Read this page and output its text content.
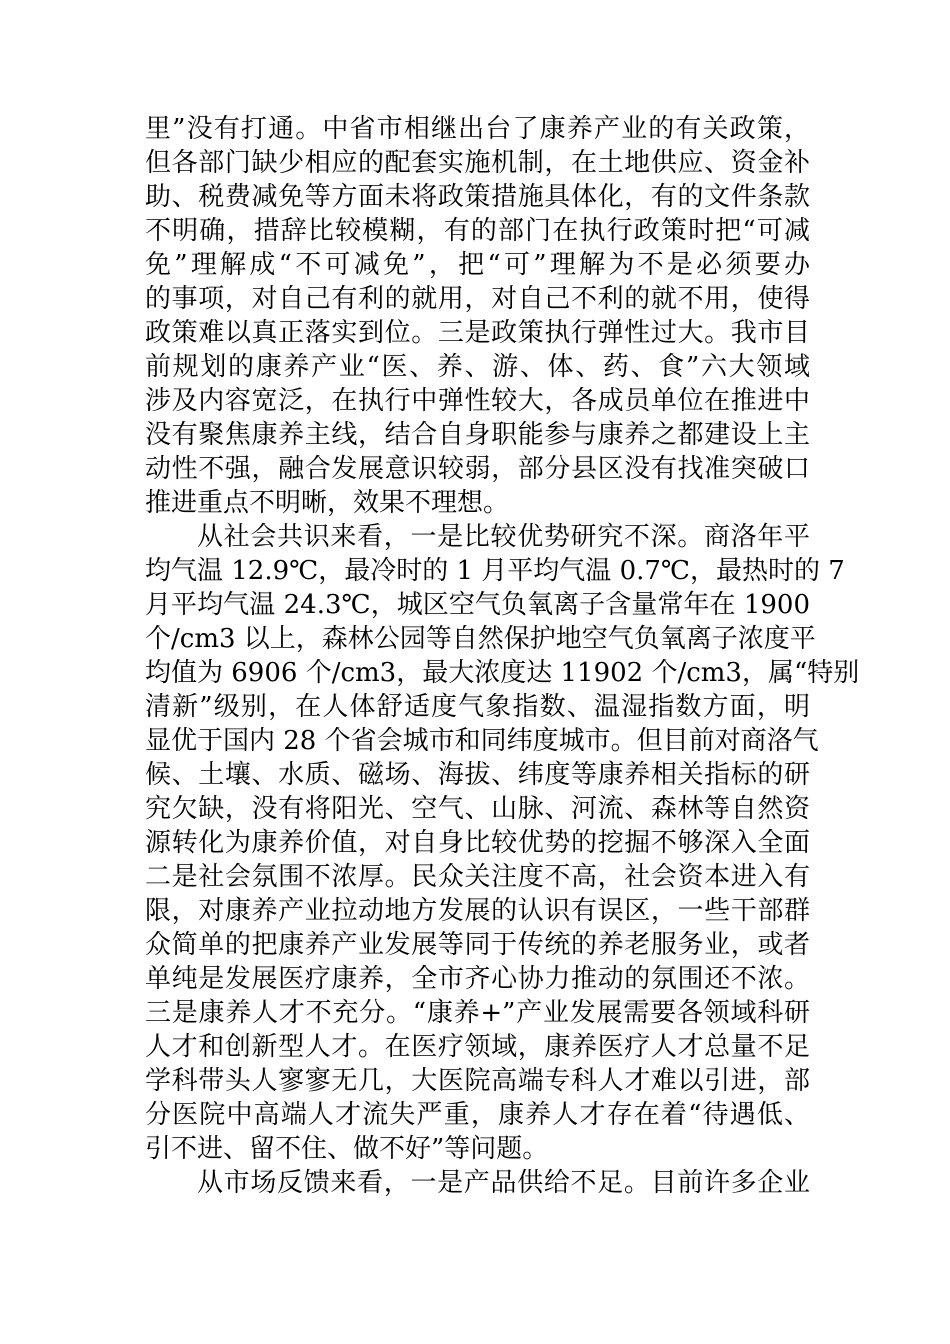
里”没有打通。中省市相继出台了康养产业的有关政策，
但各部门缺少相应的配套实施机制，在土地供应、资金补
助、税费减免等方面未将政策措施具体化，有的文件条款
不明确，措辞比较模糊，有的部门在执行政策时把“可减
免”理解成“不可减免”，把“可”理解为不是必须要办
的事项，对自己有利的就用，对自己不利的就不用，使得
政策难以真正落实到位。三是政策执行弹性过大。我市目
前规划的康养产业“医、养、游、体、药、食”六大领域
涉及内容宽泛，在执行中弹性较大，各成员单位在推进中
没有聚焦康养主线，结合自身职能参与康养之都建设上主
动性不强，融合发展意识较弱，部分县区没有找准突破口
推进重点不明晰，效果不理想。
从社会共识来看，一是比较优势研究不深。商洛年平
均气温 12.9℃，最冷时的 1 月平均气温 0.7℃，最热时的 7
月平均气温 24.3℃，城区空气负氧离子含量常年在 1900
个/cm3 以上，森林公园等自然保护地空气负氧离子浓度平
均值为 6906 个/cm3，最大浓度达 11902 个/cm3，属“特别
清新”级别，在人体舒适度气象指数、温湿指数方面，明
显优于国内 28 个省会城市和同纬度城市。但目前对商洛气
候、土壤、水质、磁场、海拔、纬度等康养相关指标的研
究欠缺，没有将阳光、空气、山脉、河流、森林等自然资
源转化为康养价值，对自身比较优势的挖掘不够深入全面
二是社会氛围不浓厚。民众关注度不高，社会资本进入有
限，对康养产业拉动地方发展的认识有误区，一些干部群
众简单的把康养产业发展等同于传统的养老服务业，或者
单纯是发展医疗康养，全市齐心协力推动的氛围还不浓。
三是康养人才不充分。“康养+”产业发展需要各领域科研
人才和创新型人才。在医疗领域，康养医疗人才总量不足
学科带头人寥寥无几，大医院高端专科人才难以引进，部
分医院中高端人才流失严重，康养人才存在着“待遇低、
引不进、留不住、做不好”等问题。
从市场反馈来看，一是产品供给不足。目前许多企业
